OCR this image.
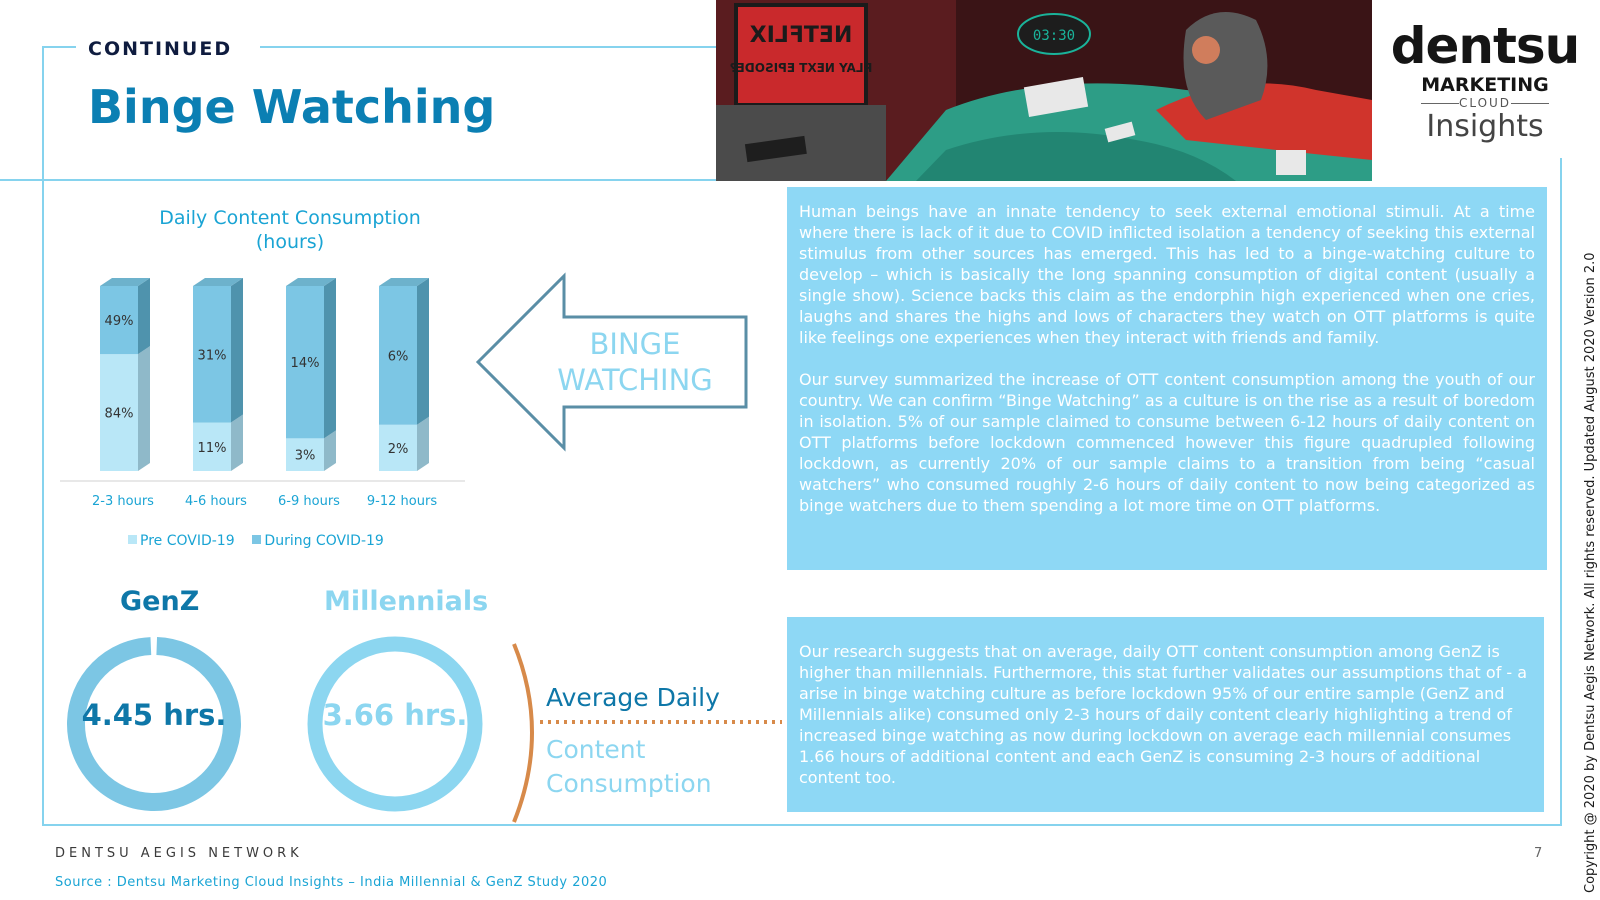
CONTINUED
Binge Watching
NETFLIX
PLAY NEXT EPISODE?
03:30	dentsu
MARKETING
CLOUD
Insights
Daily Content Consumption
(hours)
84%
49%
2-3 hours
11%
31%
4-6 hours
3%
14%
6-9 hours
2%
6%
9-12 hours
Pre COVID-19 During COVID-19
BINGE
WATCHING

Human beings have an innate tendency to seek external emotional stimuli. At a time where there is lack of it due to COVID inflicted isolation a tendency of seeking this external stimulus from other sources has emerged. This has led to a binge-watching culture to develop – which is basically the long spanning consumption of digital content (usually a single show). Science backs this claim as the endorphin high experienced when one cries, laughs and shares the highs and lows of characters they watch on OTT platforms is quite like feelings one experiences when they interact with friends and family.

Our survey summarized the increase of OTT content consumption among the youth of our country. We can confirm “Binge Watching” as a culture is on the rise as a result of boredom in isolation. 5% of our sample claimed to consume between 6-12 hours of daily content on OTT platforms before lockdown commenced however this figure quadrupled following lockdown, as currently 20% of our sample claims to a transition from being “casual watchers” who consumed roughly 2-6 hours of daily content to now being categorized as binge watchers due to them spending a lot more time on OTT platforms.

Our research suggests that on average, daily OTT content consumption among GenZ is higher than millennials. Furthermore, this stat further validates our assumptions that of - a arise in binge watching culture as before lockdown 95% of our entire sample (GenZ and Millennials alike) consumed only 2-3 hours of daily content clearly highlighting a trend of increased binge watching as now during lockdown on average each millennial consumes 1.66 hours of additional content and each GenZ is consuming 2-3 hours of additional content too.

GenZ
4.45 hrs.
Millennials
3.66 hrs.
Average Daily
Content
Consumption
DENTSU AEGIS NETWORK
Source : Dentsu Marketing Cloud Insights – India Millennial & GenZ Study 2020
7	Copyright @ 2020 by Dentsu Aegis Network. All rights reserved. Updated August 2020 Version 2.0
